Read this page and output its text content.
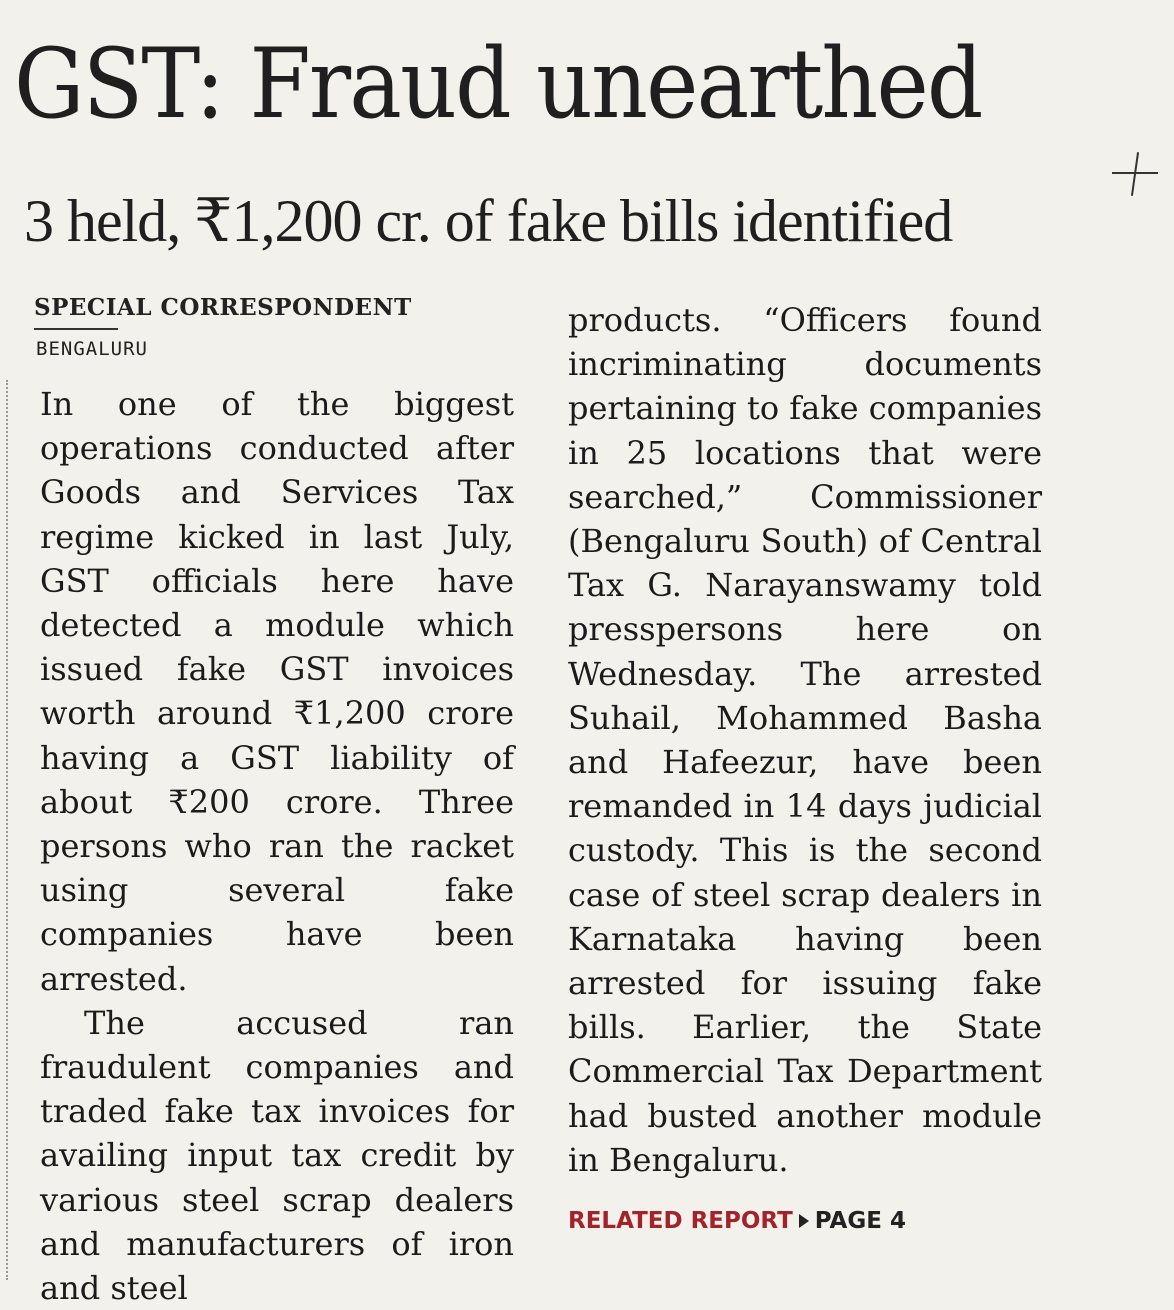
GST: Fraud unearthed
3 held, ₹1,200 cr. of fake bills identified
SPECIAL CORRESPONDENT
BENGALURU

In one of the biggest operations conducted after Goods and Services Tax regime kicked in last July, GST officials here have detected a module which issued fake GST invoices worth around ₹1,200 crore having a GST liability of about ₹200 crore. Three persons who ran the racket using several fake companies have been arrested.

The accused ran fraudulent companies and traded fake tax invoices for availing input tax credit by various steel scrap dealers and manufacturers of iron and steel

products. “Officers found incriminating documents pertaining to fake companies in 25 locations that were searched,” Commissioner (Bengaluru South) of Central Tax G. Narayanswamy told presspersons here on Wednesday. The arrested Suhail, Mohammed Basha and Hafeezur, have been remanded in 14 days judicial custody. This is the second case of steel scrap dealers in Karnataka having been arrested for issuing fake bills. Earlier, the State Commercial Tax Department had busted another module in Bengaluru.

RELATED REPORT PAGE 4
